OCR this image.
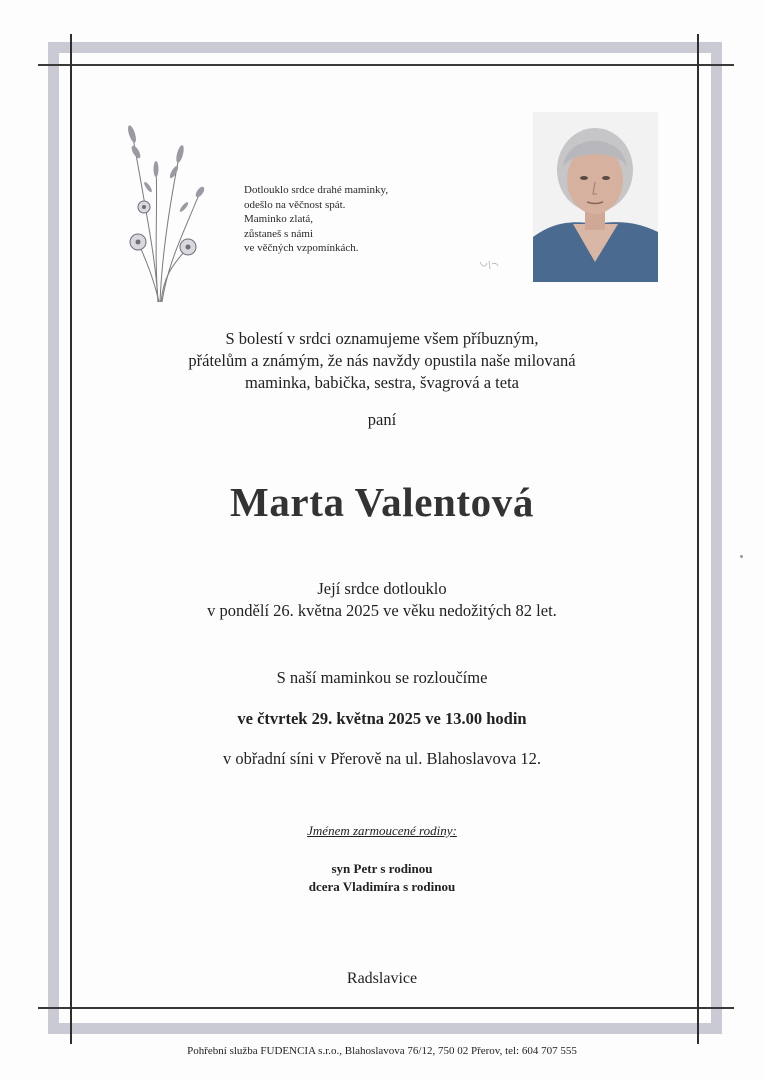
Dotlouklo srdce drahé maminky,
odešlo na věčnost spát.
Maminko zlatá,
zůstaneš s námi
ve věčných vzpomínkách.
S bolestí v srdci oznamujeme všem příbuzným,
přátelům a známým, že nás navždy opustila naše milovaná
maminka, babička, sestra, švagrová a teta
paní
Marta Valentová
Její srdce dotlouklo
v pondělí 26. května 2025 ve věku nedožitých 82 let.
S naší maminkou se rozloučíme
ve čtvrtek 29. května 2025 ve 13.00 hodin
v obřadní síni v Přerově na ul. Blahoslavova 12.
Jménem zarmoucené rodiny:
syn Petr s rodinou
dcera Vladimíra s rodinou
Radslavice
Pohřební služba FUDENCIA s.r.o., Blahoslavova 76/12, 750 02 Přerov, tel: 604 707 555
